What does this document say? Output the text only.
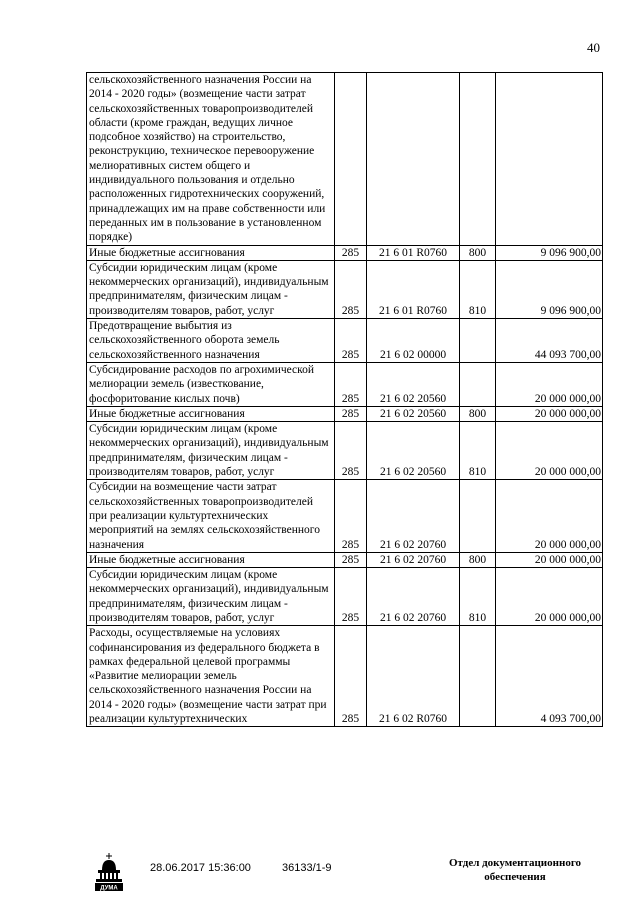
40
сельскохозяйственного назначения России на 2014 - 2020 годы» (возмещение части затрат сельскохозяйственных товаропроизводителей области (кроме граждан, ведущих личное подсобное хозяйство) на строительство, реконструкцию, техническое перевооружение мелиоративных систем общего и индивидуального пользования и отдельно расположенных гидротехнических сооружений, принадлежащих им на праве собственности или переданных им в пользование в установленном порядке)				
Иные бюджетные ассигнования	285	21 6 01 R0760	800	9 096 900,00
Субсидии юридическим лицам (кроме некоммерческих организаций), индивидуальным предпринимателям, физическим лицам - производителям товаров, работ, услуг	285	21 6 01 R0760	810	9 096 900,00
Предотвращение выбытия из сельскохозяйственного оборота земель сельскохозяйственного назначения	285	21 6 02 00000		44 093 700,00
Субсидирование расходов по агрохимической мелиорации земель (известкование, фосфоритование кислых почв)	285	21 6 02 20560		20 000 000,00
Иные бюджетные ассигнования	285	21 6 02 20560	800	20 000 000,00
Субсидии юридическим лицам (кроме некоммерческих организаций), индивидуальным предпринимателям, физическим лицам - производителям товаров, работ, услуг	285	21 6 02 20560	810	20 000 000,00
Субсидии на возмещение части затрат сельскохозяйственных товаропроизводителей при реализации культуртехнических мероприятий на землях сельскохозяйственного назначения	285	21 6 02 20760		20 000 000,00
Иные бюджетные ассигнования	285	21 6 02 20760	800	20 000 000,00
Субсидии юридическим лицам (кроме некоммерческих организаций), индивидуальным предпринимателям, физическим лицам - производителям товаров, работ, услуг	285	21 6 02 20760	810	20 000 000,00
Расходы, осуществляемые на условиях софинансирования из федерального бюджета в рамках федеральной целевой программы «Развитие мелиорации земель сельскохозяйственного назначения России на 2014 - 2020 годы» (возмещение части затрат при реализации культуртехнических	285	21 6 02 R0760		4 093 700,00
ДУМА
28.06.2017 15:36:00	36133/1-9	Отдел документационного
обеспечения
